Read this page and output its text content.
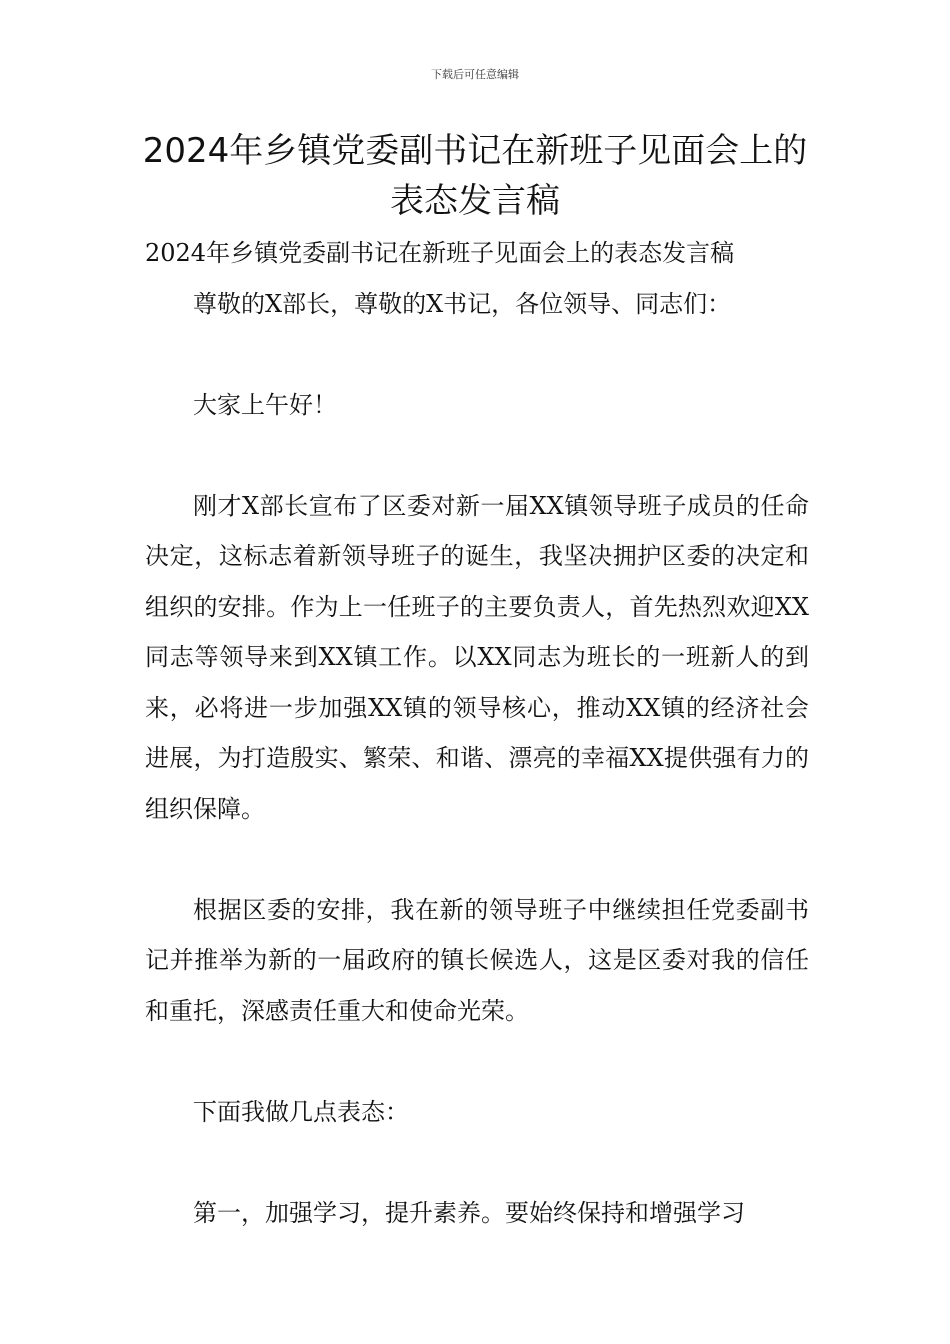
下载后可任意编辑
2024年乡镇党委副书记在新班子见面会上的表态发言稿

2024年乡镇党委副书记在新班子见面会上的表态发言稿

尊敬的X部长，尊敬的X书记，各位领导、同志们：

大家上午好！

刚才X部长宣布了区委对新一届XX镇领导班子成员的任命决定，这标志着新领导班子的诞生，我坚决拥护区委的决定和组织的安排。作为上一任班子的主要负责人，首先热烈欢迎XX同志等领导来到XX镇工作。以XX同志为班长的一班新人的到来，必将进一步加强XX镇的领导核心，推动XX镇的经济社会进展，为打造殷实、繁荣、和谐、漂亮的幸福XX提供强有力的组织保障。

根据区委的安排，我在新的领导班子中继续担任党委副书记并推举为新的一届政府的镇长候选人，这是区委对我的信任和重托，深感责任重大和使命光荣。

下面我做几点表态：

第一，加强学习，提升素养。要始终保持和增强学习
